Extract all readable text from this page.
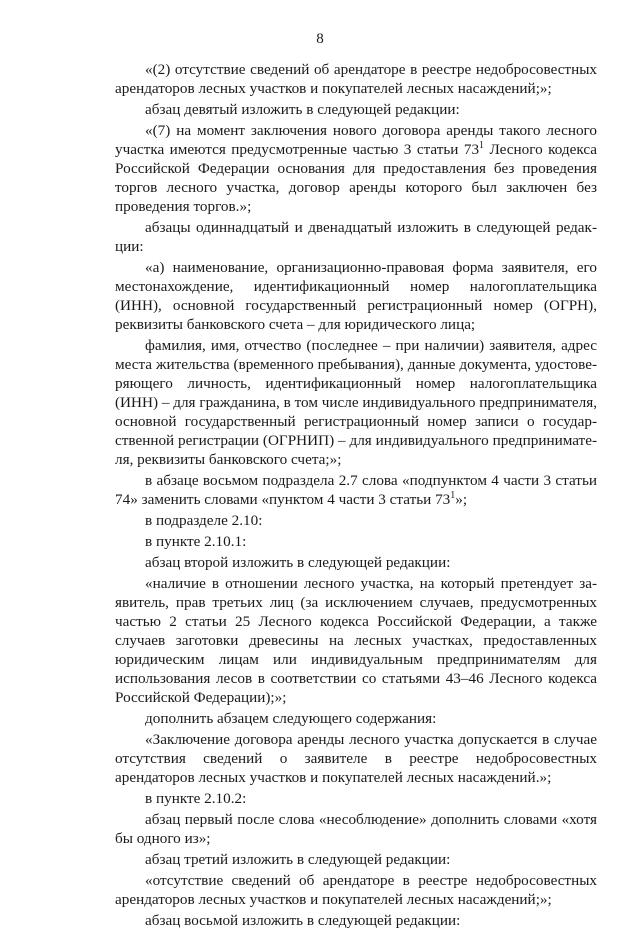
8

«(2) отсутствие сведений об арендаторе в реестре недобросовестных арендаторов лесных участков и покупателей лесных насаждений;»;

абзац девятый изложить в следующей редакции:

«(7) на момент заключения нового договора аренды такого лесного участка имеются предусмотренные частью 3 статьи $73^1$ Лесного кодекса Российской Федерации основания для предоставления без проведения торгов лесного участка, договор аренды которого был заключен без проведения торгов.»;

абзацы одиннадцатый и двенадцатый изложить в следующей редакции:

«а) наименование, организационно-правовая форма заявителя, его местонахождение, идентификационный номер налогоплательщика (ИНН), основной государственный регистрационный номер (ОГРН), реквизиты банковского счета – для юридического лица;

фамилия, имя, отчество (последнее – при наличии) заявителя, адрес места жительства (временного пребывания), данные документа, удостоверяющего личность, идентификационный номер налогоплательщика (ИНН) – для гражданина, в том числе индивидуального предпринимателя, основной государственный регистрационный номер записи о государственной регистрации (ОГРНИП) – для индивидуального предпринимателя, реквизиты банковского счета;»;

в абзаце восьмом подраздела 2.7 слова «подпунктом 4 части 3 статьи 74» заменить словами «пунктом 4 части 3 статьи $73^1$»;

в подразделе 2.10:

в пункте 2.10.1:

абзац второй изложить в следующей редакции:

«наличие в отношении лесного участка, на который претендует заявитель, прав третьих лиц (за исключением случаев, предусмотренных частью 2 статьи 25 Лесного кодекса Российской Федерации, а также случаев заготовки древесины на лесных участках, предоставленных юридическим лицам или индивидуальным предпринимателям для использования лесов в соответствии со статьями 43–46 Лесного кодекса Российской Федерации);»;

дополнить абзацем следующего содержания:

«Заключение договора аренды лесного участка допускается в случае отсутствия сведений о заявителе в реестре недобросовестных арендаторов лесных участков и покупателей лесных насаждений.»;

в пункте 2.10.2:

абзац первый после слова «несоблюдение» дополнить словами «хотя бы одного из»;

абзац третий изложить в следующей редакции:

«отсутствие сведений об арендаторе в реестре недобросовестных арендаторов лесных участков и покупателей лесных насаждений;»;

абзац восьмой изложить в следующей редакции:
